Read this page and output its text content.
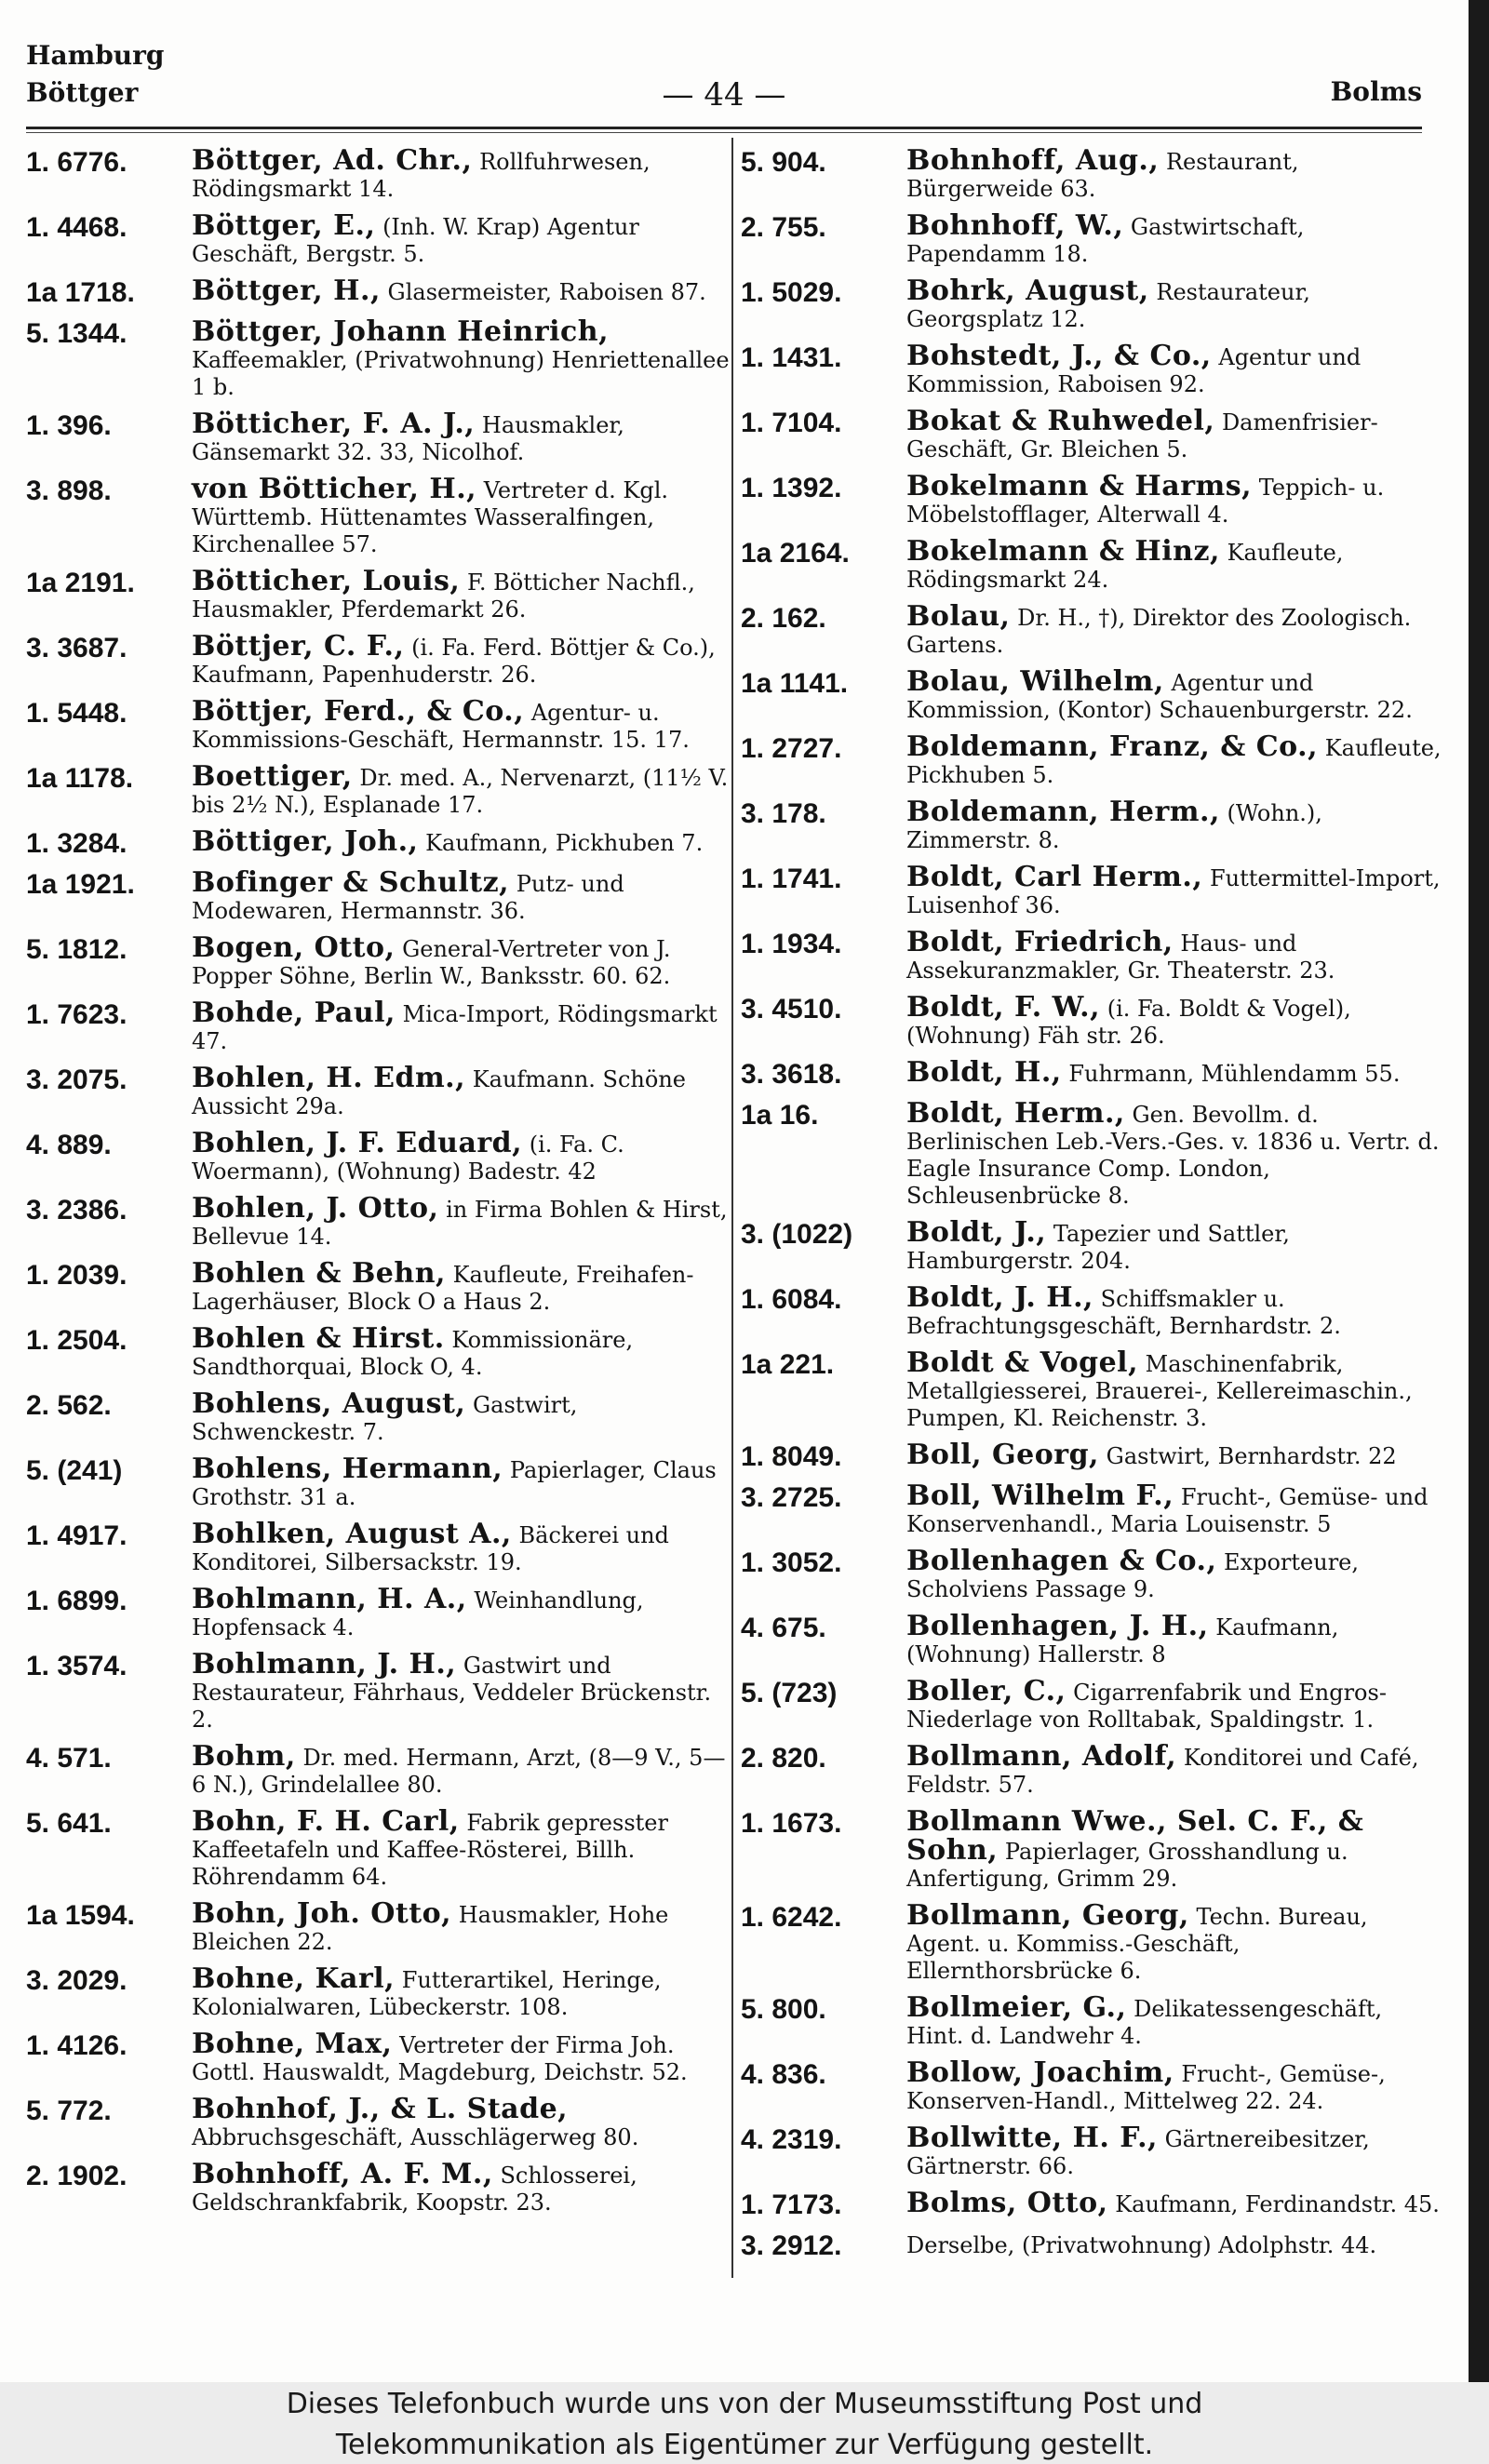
Hamburg
Böttger	— 44 —	Bolms
1. 6776.	Böttger, Ad. Chr., Rollfuhrwesen, Rödingsmarkt 14.
1. 4468.	Böttger, E., (Inh. W. Krap) Agentur Geschäft, Bergstr. 5.
1a 1718.	Böttger, H., Glasermeister, Raboisen 87.
5. 1344.	Böttger, Johann Heinrich, Kaffeemakler, (Privatwohnung) Henriettenallee 1 b.
1. 396.	Bötticher, F. A. J., Hausmakler, Gänsemarkt 32. 33, Nicolhof.
3. 898.	von Bötticher, H., Vertreter d. Kgl. Württemb. Hüttenamtes Wasseralfingen, Kirchenallee 57.
1a 2191.	Bötticher, Louis, F. Bötticher Nachfl., Hausmakler, Pferdemarkt 26.
3. 3687.	Böttjer, C. F., (i. Fa. Ferd. Böttjer & Co.), Kaufmann, Papenhuderstr. 26.
1. 5448.	Böttjer, Ferd., & Co., Agentur- u. Kommissions-Geschäft, Hermannstr. 15. 17.
1a 1178.	Boettiger, Dr. med. A., Nervenarzt, (11½ V. bis 2½ N.), Esplanade 17.
1. 3284.	Böttiger, Joh., Kaufmann, Pickhuben 7.
1a 1921.	Bofinger & Schultz, Putz- und Modewaren, Hermannstr. 36.
5. 1812.	Bogen, Otto, General-Vertreter von J. Popper Söhne, Berlin W., Banksstr. 60. 62.
1. 7623.	Bohde, Paul, Mica-Import, Rödingsmarkt 47.
3. 2075.	Bohlen, H. Edm., Kaufmann. Schöne Aussicht 29a.
4. 889.	Bohlen, J. F. Eduard, (i. Fa. C. Woermann), (Wohnung) Badestr. 42
3. 2386.	Bohlen, J. Otto, in Firma Bohlen & Hirst, Bellevue 14.
1. 2039.	Bohlen & Behn, Kaufleute, Freihafen-Lagerhäuser, Block O a Haus 2.
1. 2504.	Bohlen & Hirst. Kommissionäre, Sandthorquai, Block O, 4.
2. 562.	Bohlens, August, Gastwirt, Schwenckestr. 7.
5. (241)	Bohlens, Hermann, Papierlager, Claus Grothstr. 31 a.
1. 4917.	Bohlken, August A., Bäckerei und Konditorei, Silbersackstr. 19.
1. 6899.	Bohlmann, H. A., Weinhandlung, Hopfensack 4.
1. 3574.	Bohlmann, J. H., Gastwirt und Restaurateur, Fährhaus, Veddeler Brückenstr. 2.
4. 571.	Bohm, Dr. med. Hermann, Arzt, (8—9 V., 5—6 N.), Grindelallee 80.
5. 641.	Bohn, F. H. Carl, Fabrik gepresster Kaffeetafeln und Kaffee-Rösterei, Billh. Röhrendamm 64.
1a 1594.	Bohn, Joh. Otto, Hausmakler, Hohe Bleichen 22.
3. 2029.	Bohne, Karl, Futterartikel, Heringe, Kolonialwaren, Lübeckerstr. 108.
1. 4126.	Bohne, Max, Vertreter der Firma Joh. Gottl. Hauswaldt, Magdeburg, Deichstr. 52.
5. 772.	Bohnhof, J., & L. Stade, Abbruchsgeschäft, Ausschlägerweg 80.
2. 1902.	Bohnhoff, A. F. M., Schlosserei, Geldschrankfabrik, Koopstr. 23.
5. 904.	Bohnhoff, Aug., Restaurant, Bürgerweide 63.
2. 755.	Bohnhoff, W., Gastwirtschaft, Papendamm 18.
1. 5029.	Bohrk, August, Restaurateur, Georgsplatz 12.
1. 1431.	Bohstedt, J., & Co., Agentur und Kommission, Raboisen 92.
1. 7104.	Bokat & Ruhwedel, Damenfrisier-Geschäft, Gr. Bleichen 5.
1. 1392.	Bokelmann & Harms, Teppich- u. Möbelstofflager, Alterwall 4.
1a 2164.	Bokelmann & Hinz, Kaufleute, Rödingsmarkt 24.
2. 162.	Bolau, Dr. H., †), Direktor des Zoologisch. Gartens.
1a 1141.	Bolau, Wilhelm, Agentur und Kommission, (Kontor) Schauenburgerstr. 22.
1. 2727.	Boldemann, Franz, & Co., Kaufleute, Pickhuben 5.
3. 178.	Boldemann, Herm., (Wohn.), Zimmerstr. 8.
1. 1741.	Boldt, Carl Herm., Futtermittel-Import, Luisenhof 36.
1. 1934.	Boldt, Friedrich, Haus- und Assekuranzmakler, Gr. Theaterstr. 23.
3. 4510.	Boldt, F. W., (i. Fa. Boldt & Vogel), (Wohnung) Fäh str. 26.
3. 3618.	Boldt, H., Fuhrmann, Mühlendamm 55.
1a 16.	Boldt, Herm., Gen. Bevollm. d. Berlinischen Leb.-Vers.-Ges. v. 1836 u. Vertr. d. Eagle Insurance Comp. London, Schleusenbrücke 8.
3. (1022)	Boldt, J., Tapezier und Sattler, Hamburgerstr. 204.
1. 6084.	Boldt, J. H., Schiffsmakler u. Befrachtungsgeschäft, Bernhardstr. 2.
1a 221.	Boldt & Vogel, Maschinenfabrik, Metallgiesserei, Brauerei-, Kellereimaschin., Pumpen, Kl. Reichenstr. 3.
1. 8049.	Boll, Georg, Gastwirt, Bernhardstr. 22
3. 2725.	Boll, Wilhelm F., Frucht-, Gemüse- und Konservenhandl., Maria Louisenstr. 5
1. 3052.	Bollenhagen & Co., Exporteure, Scholviens Passage 9.
4. 675.	Bollenhagen, J. H., Kaufmann, (Wohnung) Hallerstr. 8
5. (723)	Boller, C., Cigarrenfabrik und Engros-Niederlage von Rolltabak, Spaldingstr. 1.
2. 820.	Bollmann, Adolf, Konditorei und Café, Feldstr. 57.
1. 1673.	Bollmann Wwe., Sel. C. F., & Sohn, Papierlager, Grosshandlung u. Anfertigung, Grimm 29.
1. 6242.	Bollmann, Georg, Techn. Bureau, Agent. u. Kommiss.-Geschäft, Ellernthorsbrücke 6.
5. 800.	Bollmeier, G., Delikatessengeschäft, Hint. d. Landwehr 4.
4. 836.	Bollow, Joachim, Frucht-, Gemüse-, Konserven-Handl., Mittelweg 22. 24.
4. 2319.	Bollwitte, H. F., Gärtnereibesitzer, Gärtnerstr. 66.
1. 7173.	Bolms, Otto, Kaufmann, Ferdinandstr. 45.
3. 2912.	Derselbe, (Privatwohnung) Adolphstr. 44.
Dieses Telefonbuch wurde uns von der Museumsstiftung Post und
Telekommunikation als Eigentümer zur Verfügung gestellt.
